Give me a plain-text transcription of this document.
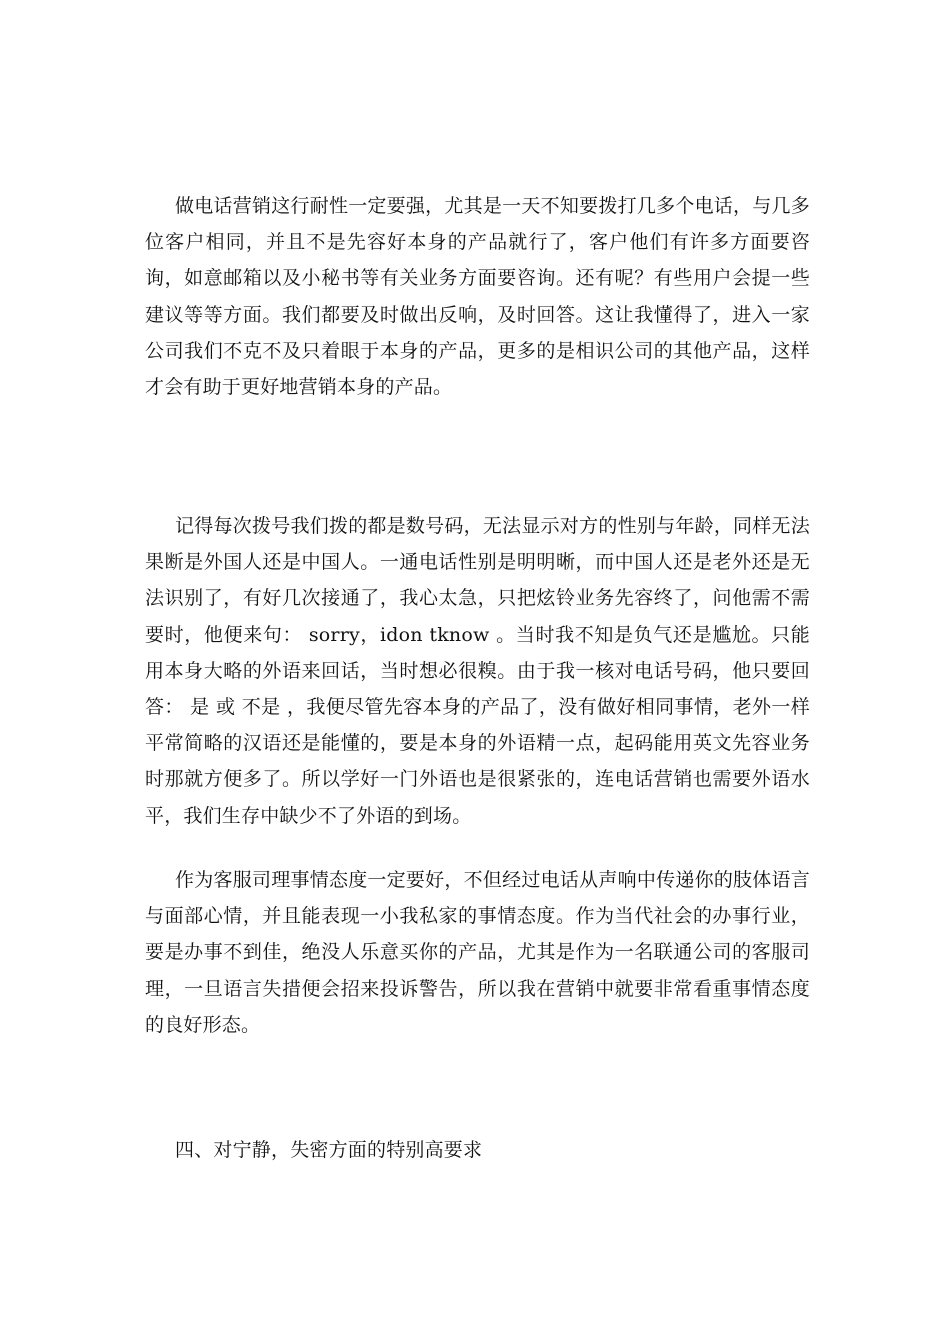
做电话营销这行耐性一定要强，尤其是一天不知要拨打几多个电话，与几多位客户相同，并且不是先容好本身的产品就行了，客户他们有许多方面要咨询，如意邮箱以及小秘书等有关业务方面要咨询。还有呢？有些用户会提一些建议等等方面。我们都要及时做出反响，及时回答。这让我懂得了，进入一家公司我们不克不及只着眼于本身的产品，更多的是相识公司的其他产品，这样才会有助于更好地营销本身的产品。

记得每次拨号我们拨的都是数号码，无法显示对方的性别与年龄，同样无法果断是外国人还是中国人。一通电话性别是明明晰，而中国人还是老外还是无法识别了，有好几次接通了，我心太急，只把炫铃业务先容终了，问他需不需要时，他便来句： sorry，idon tknow 。当时我不知是负气还是尴尬。只能用本身大略的外语来回话，当时想必很糗。由于我一核对电话号码，他只要回答： 是 或 不是 ，我便尽管先容本身的产品了，没有做好相同事情，老外一样平常简略的汉语还是能懂的，要是本身的外语精一点，起码能用英文先容业务时那就方便多了。所以学好一门外语也是很紧张的，连电话营销也需要外语水平，我们生存中缺少不了外语的到场。

作为客服司理事情态度一定要好，不但经过电话从声响中传递你的肢体语言与面部心情，并且能表现一小我私家的事情态度。作为当代社会的办事行业，要是办事不到佳，绝没人乐意买你的产品，尤其是作为一名联通公司的客服司理，一旦语言失措便会招来投诉警告，所以我在营销中就要非常看重事情态度的良好形态。

四、对宁静，失密方面的特别高要求
